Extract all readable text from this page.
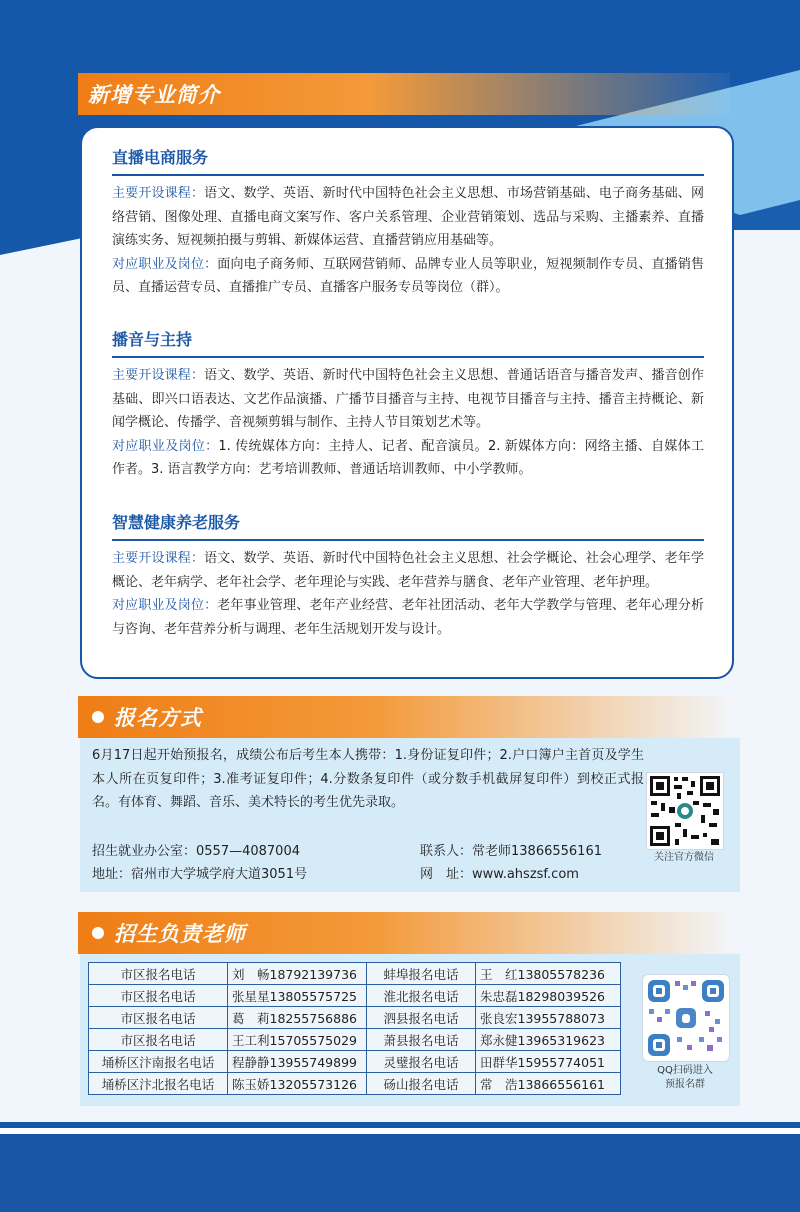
新增专业简介
直播电商服务
主要开设课程：语文、数学、英语、新时代中国特色社会主义思想、市场营销基础、电子商务基础、网络营销、图像处理、直播电商文案写作、客户关系管理、企业营销策划、选品与采购、主播素养、直播演练实务、短视频拍摄与剪辑、新媒体运营、直播营销应用基础等。
对应职业及岗位：面向电子商务师、互联网营销师、品牌专业人员等职业，短视频制作专员、直播销售员、直播运营专员、直播推广专员、直播客户服务专员等岗位（群）。
播音与主持
主要开设课程：语文、数学、英语、新时代中国特色社会主义思想、普通话语音与播音发声、播音创作基础、即兴口语表达、文艺作品演播、广播节目播音与主持、电视节目播音与主持、播音主持概论、新闻学概论、传播学、音视频剪辑与制作、主持人节目策划艺术等。
对应职业及岗位：1. 传统媒体方向：主持人、记者、配音演员。2. 新媒体方向：网络主播、自媒体工作者。3. 语言教学方向：艺考培训教师、普通话培训教师、中小学教师。
智慧健康养老服务
主要开设课程：语文、数学、英语、新时代中国特色社会主义思想、社会学概论、社会心理学、老年学概论、老年病学、老年社会学、老年理论与实践、老年营养与膳食、老年产业管理、老年护理。
对应职业及岗位：老年事业管理、老年产业经营、老年社团活动、老年大学教学与管理、老年心理分析与咨询、老年营养分析与调理、老年生活规划开发与设计。
报名方式
6月17日起开始预报名，成绩公布后考生本人携带：1.身份证复印件；2.户口簿户主首页及学生本人所在页复印件；3.准考证复印件；4.分数条复印件（或分数手机截屏复印件）到校正式报名。有体育、舞蹈、音乐、美术特长的考生优先录取。
招生就业办公室：0557—4087004	联系人：常老师13866556161
地址：宿州市大学城学府大道3051号	网　址：www.ahszsf.com
关注官方微信
招生负责老师
市区报名电话	刘　畅18792139736	蚌埠报名电话	王　红13805578236
市区报名电话	张星星13805575725	淮北报名电话	朱忠磊18298039526
市区报名电话	葛　莉18255756886	泗县报名电话	张良宏13955788073
市区报名电话	王工利15705575029	萧县报名电话	郑永健13965319623
埇桥区汴南报名电话	程静静13955749899	灵璧报名电话	田群华15955774051
埇桥区汴北报名电话	陈玉娇13205573126	砀山报名电话	常　浩13866556161
QQ扫码进入
预报名群
